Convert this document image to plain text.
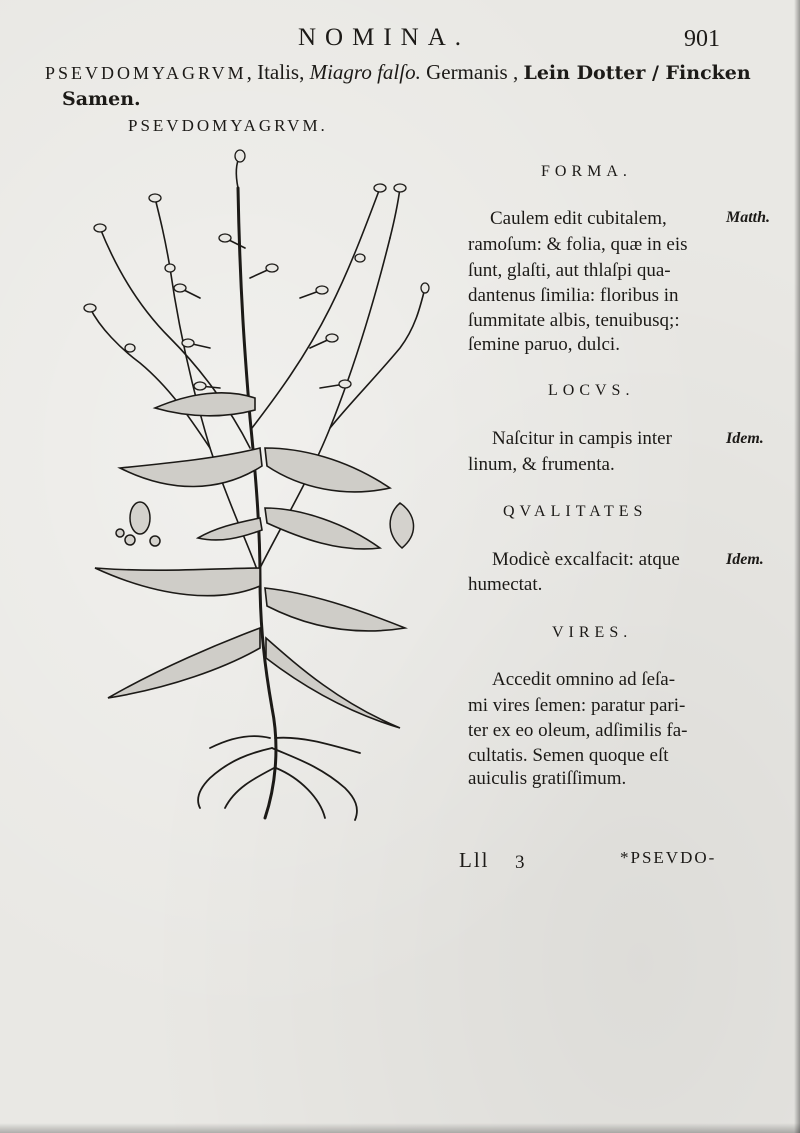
NOMINA.	901
PSEVDOMYAGRVM, Italis, Miagro falſo. Germanis , Lein Dotter / Fincken
Samen.
PSEVDOMYAGRVM.
FORMA.
Caulem edit cubitalem,	Matth.
ramoſum: & folia, quæ in eis
ſunt, glaſti, aut thlaſpi qua-
dantenus ſimilia: floribus in
ſummitate albis, tenuibusq;:
ſemine paruo, dulci.
LOCVS.
Naſcitur in campis inter	Idem.
linum, & frumenta.
QVALITATES
Modicè excalfacit: atque	Idem.
humectat.
VIRES.
Accedit omnino ad ſeſa-
mi vires ſemen: paratur pari-
ter ex eo oleum, adſimilis fa-
cultatis. Semen quoque eſt
auiculis gratiſſimum.
Lll 3	*PSEVDO-
